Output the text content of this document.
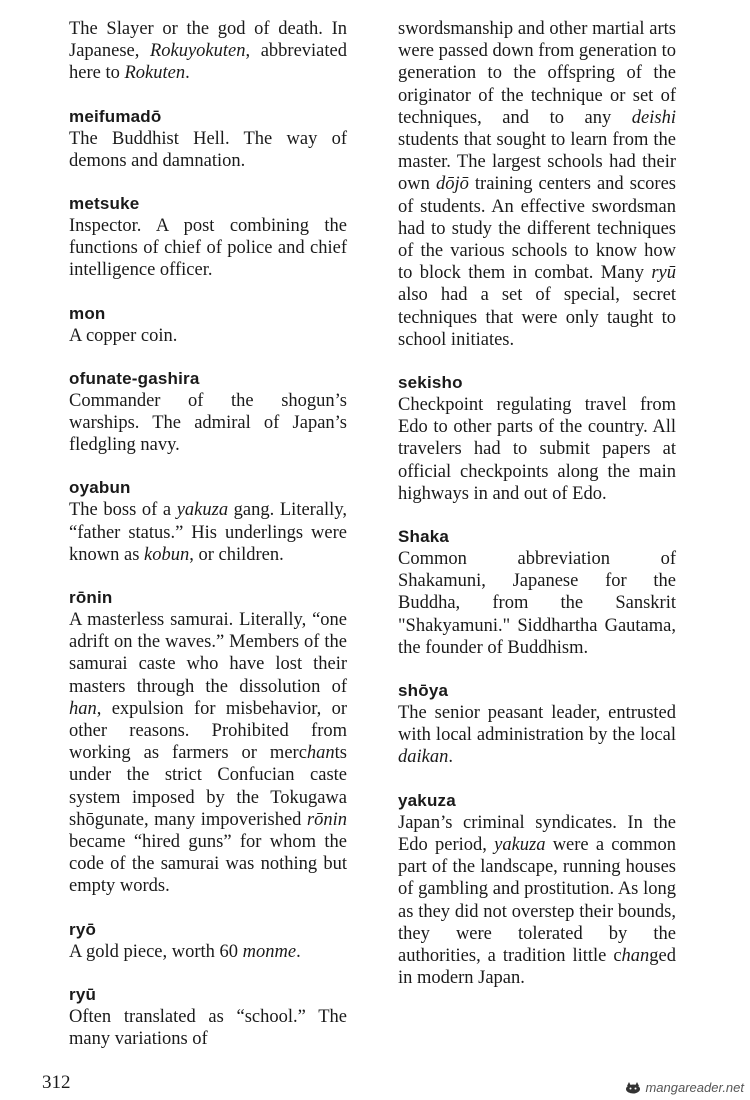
The Slayer or the god of death. In Japanese, Rokuyokuten, abbreviated here to Rokuten.

meifumadō

The Buddhist Hell. The way of demons and damnation.

metsuke

Inspector. A post combining the functions of chief of police and chief intelligence officer.

mon

A copper coin.

ofunate-gashira

Commander of the shogun’s warships. The admiral of Japan’s fledgling navy.

oyabun

The boss of a yakuza gang. Literally, “father status.” His underlings were known as kobun, or children.

rōnin

A masterless samurai. Literally, “one adrift on the waves.” Members of the samurai caste who have lost their masters through the dissolution of han, expulsion for misbehavior, or other reasons. Prohibited from working as farmers or merchants under the strict Confucian caste system imposed by the Tokugawa shōgunate, many impoverished rōnin became “hired guns” for whom the code of the samurai was nothing but empty words.

ryō

A gold piece, worth 60 monme.

ryū

Often translated as “school.” The many variations of

swordsmanship and other martial arts were passed down from generation to generation to the offspring of the originator of the technique or set of techniques, and to any deishi students that sought to learn from the master. The largest schools had their own dōjō training centers and scores of students. An effective swordsman had to study the different techniques of the various schools to know how to block them in combat. Many ryū also had a set of special, secret techniques that were only taught to school initiates.

sekisho

Checkpoint regulating travel from Edo to other parts of the country. All travelers had to submit papers at official checkpoints along the main highways in and out of Edo.

Shaka

Common abbreviation of Shakamuni, Japanese for the Buddha, from the Sanskrit "Shakyamuni." Siddhartha Gautama, the founder of Buddhism.

shōya

The senior peasant leader, entrusted with local administration by the local daikan.

yakuza

Japan’s criminal syndicates. In the Edo period, yakuza were a common part of the landscape, running houses of gambling and prostitution. As long as they did not overstep their bounds, they were tolerated by the authorities, a tradition little changed in modern Japan.

312	mangareader.net
